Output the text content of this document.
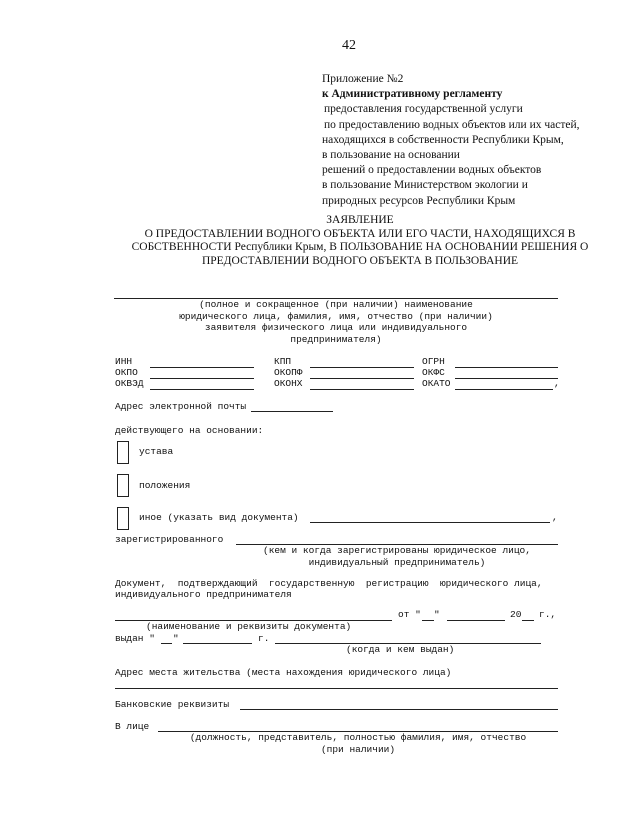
42
Приложение №2
к Административному регламенту
предоставления государственной услуги
по предоставлению водных объектов или их частей,
находящихся в собственности Республики Крым,
в пользование на основании
решений о предоставлении водных объектов
в пользование Министерством экологии и
природных ресурсов Республики Крым
ЗАЯВЛЕНИЕ
О ПРЕДОСТАВЛЕНИИ ВОДНОГО ОБЪЕКТА ИЛИ ЕГО ЧАСТИ, НАХОДЯЩИХСЯ В
СОБСТВЕННОСТИ Республики Крым, В ПОЛЬЗОВАНИЕ НА ОСНОВАНИИ РЕШЕНИЯ О
ПРЕДОСТАВЛЕНИИ ВОДНОГО ОБЪЕКТА В ПОЛЬЗОВАНИЕ
(полное и сокращенное (при наличии) наименование
юридического лица, фамилия, имя, отчество (при наличии)
заявителя физического лица или индивидуального
предпринимателя)
ИНН	КПП	ОГРН
ОКПО	ОКОПФ	ОКФС
ОКВЭД	ОКОНХ	ОКАТО	,
Адрес электронной почты
действующего на основании:
устава
положения
иное (указать вид документа)	,
зарегистрированного
(кем и когда зарегистрированы юридическое лицо,
индивидуальный предприниматель)
Документ,  подтверждающий  государственную  регистрацию  юридического лица,
индивидуального предпринимателя
от " "	20 г.,
(наименование и реквизиты документа)
выдан " "	г.
(когда и кем выдан)
Адрес места жительства (места нахождения юридического лица)
Банковские реквизиты
В лице
(должность, представитель, полностью фамилия, имя, отчество
(при наличии)
